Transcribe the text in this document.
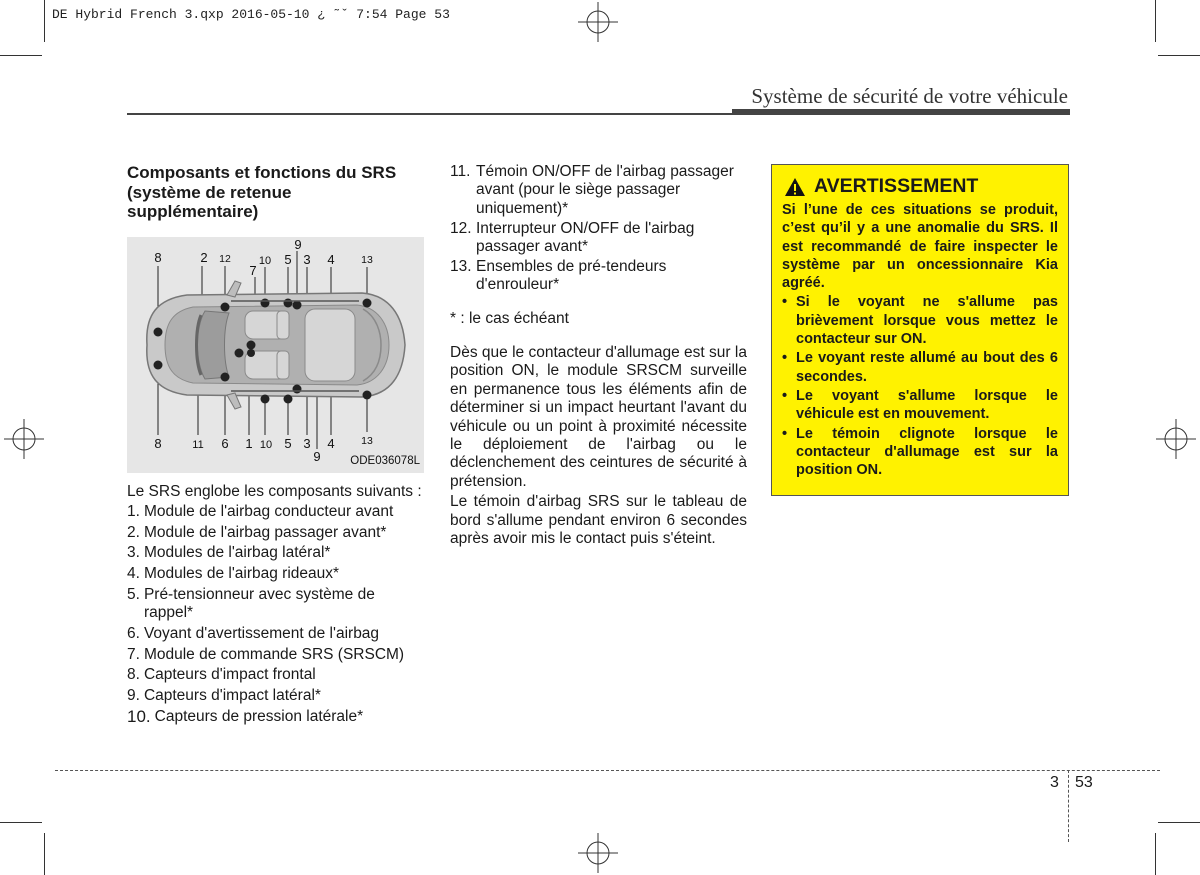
DE Hybrid French 3.qxp 2016-05-10 ¿ ˜ˇ 7:54 Page 53
Système de sécurité de votre véhicule
Composants et fonctions du SRS (système de retenue supplémentaire)
8	2 12	10 5 3 4	13
9
7
8	11 6 1 10 5 3 4	13
9	ODE036078L

Le SRS englobe les composants suivants :

1. Module de l'airbag conducteur avant
2. Module de l'airbag passager avant*
3. Modules de l'airbag latéral*
4. Modules de l'airbag rideaux*
5. Pré-tensionneur avec système de rappel*
6. Voyant d'avertissement de l'airbag
7. Module de commande SRS (SRSCM)
8. Capteurs d'impact frontal
9. Capteurs d'impact latéral*
10. Capteurs de pression latérale*
11. Témoin ON/OFF de l'airbag passager avant (pour le siège passager uniquement)*
12. Interrupteur ON/OFF de l'airbag passager avant*
13. Ensembles de pré-tendeurs d'enrouleur*

* : le cas échéant

Dès que le contacteur d'allumage est sur la position ON, le module SRSCM surveille en permanence tous les éléments afin de déterminer si un impact heurtant l'avant du véhicule ou un point à proximité nécessite le déploiement de l'airbag ou le déclenchement des ceintures de sécurité à prétension.

Le témoin d'airbag SRS sur le tableau de bord s'allume pendant environ 6 secondes après avoir mis le contact puis s'éteint.

AVERTISSEMENT

Si l’une de ces situations se produit, c’est qu’il y a une anomalie du SRS. Il est recommandé de faire inspecter le système par un oncessionnaire Kia agréé.

• Si le voyant ne s'allume pas brièvement lorsque vous mettez le contacteur sur ON.
• Le voyant reste allumé au bout des 6 secondes.
• Le voyant s'allume lorsque le véhicule est en mouvement.
• Le témoin clignote lorsque le contacteur d'allumage est sur la position ON.
3 53
